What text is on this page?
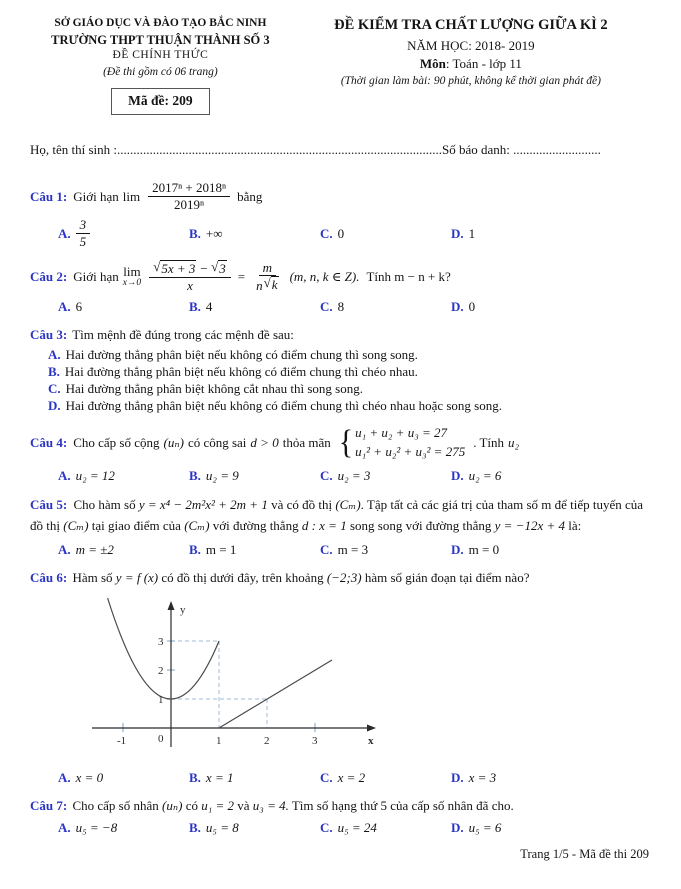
SỞ GIÁO DỤC VÀ ĐÀO TẠO BẮC NINH
TRƯỜNG THPT THUẬN THÀNH SỐ 3
ĐỀ CHÍNH THỨC
(Đề thi gồm có 06 trang)
Mã đề: 209
ĐỀ KIỂM TRA CHẤT LƯỢNG GIỮA KÌ 2
NĂM HỌC: 2018- 2019
Môn: Toán - lớp 11
(Thời gian làm bài: 90 phút, không kể thời gian phát đề)
Họ, tên thí sinh :....................................................................................................Số báo danh: ...........................
Câu 1: Giới hạn $\lim \frac{\text{2017ⁿ + 2018ⁿ}}{\text{2019ⁿ}}$ bằng
A. $\frac{3}{5}$	B. +∞	C. 0	D. 1
Câu 2: Giới hạn lim
$x\to 0 \frac{√ 5x + 3 - √ 3}{x} = \frac{m}{n √ k} (m$, n, k ∈ Z). Tính m − n + k?
A. 6	B. 4	C. 8	D. 0
Câu 3: Tìm mệnh đề đúng trong các mệnh đề sau:
A. Hai đường thẳng phân biệt nếu không có điểm chung thì song song.
B. Hai đường thẳng phân biệt nếu không có điểm chung thì chéo nhau.
C. Hai đường thẳng phân biệt không cắt nhau thì song song.
D. Hai đường thẳng phân biệt nếu không có điểm chung thì chéo nhau hoặc song song.
Câu 4: Cho cấp số cộng (uₙ) có công sai d > 0 thỏa mãn { u₁ + u₂ + u₃ = 27
u₁² + u₂² + u₃² = 275
. Tính u₂
A. u₂ = 12	B. u₂ = 9	C. u₂ = 3	D. u₂ = 6
Câu 5: Cho hàm số y = x⁴ − 2m²x² + 2m + 1 và có đồ thị (Cₘ). Tập tất cả các giá trị của tham số m để tiếp tuyến của đồ thị (Cₘ) tại giao điểm của (Cₘ) với đường thẳng d : x = 1 song song với đường thẳng y = −12x + 4 là:
A. m = ±2	B. m = 1	C. m = 3	D. m = 0
Câu 6: Hàm số y = f (x) có đồ thị dưới đây, trên khoảng (−2;3) hàm số gián đoạn tại điểm nào?
x
y
0
-1	1	2	3
1
2
3
A. x = 0	B. x = 1	C. x = 2	D. x = 3
Câu 7: Cho cấp số nhân (uₙ) có u₁ = 2 và u₃ = 4. Tìm số hạng thứ 5 của cấp số nhân đã cho.
A. u₅ = −8	B. u₅ = 8	C. u₅ = 24	D. u₅ = 6
Trang 1/5 - Mã đề thi 209
